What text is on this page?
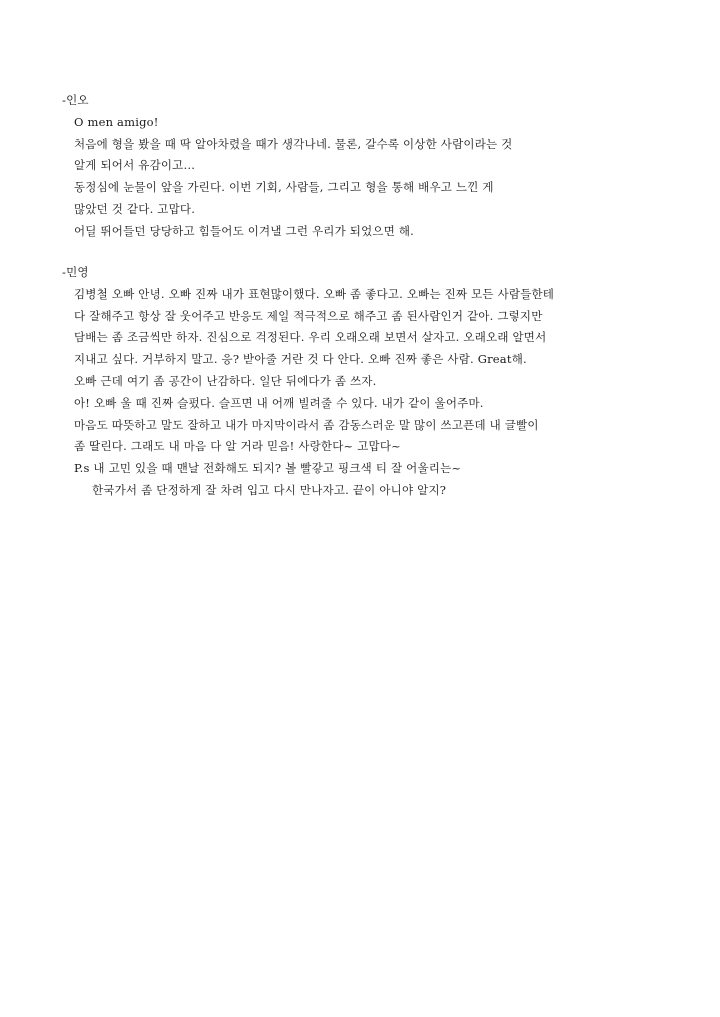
-인오
O men amigo!
처음에 형을 봤을 때 딱 알아차렸을 때가 생각나네. 물론, 갈수록 이상한 사람이라는 것
알게 되어서 유감이고…
동정심에 눈물이 앞을 가린다. 이번 기회, 사람들, 그리고 형을 통해 배우고 느낀 게
많았던 것 같다. 고맙다.
어딜 뛰어들던 당당하고 힘들어도 이겨낼 그런 우리가 되었으면 해.
-민영
김병철 오빠 안녕. 오빠 진짜 내가 표현많이했다. 오빠 좀 좋다고. 오빠는 진짜 모든 사람들한테
다 잘해주고 항상 잘 웃어주고 반응도 제일 적극적으로 해주고 좀 된사람인거 같아. 그렇지만
담배는 좀 조금씩만 하자. 진심으로 걱정된다. 우리 오래오래 보면서 살자고. 오래오래 알면서
지내고 싶다. 거부하지 말고. 응? 받아줄 거란 것 다 안다. 오빠 진짜 좋은 사람. Great해.
오빠 근데 여기 좀 공간이 난감하다. 일단 뒤에다가 좀 쓰자.
아! 오빠 울 때 진짜 슬펐다. 슬프면 내 어깨 빌려줄 수 있다. 내가 같이 울어주마.
마음도 따뜻하고 말도 잘하고 내가 마지막이라서 좀 감동스러운 말 많이 쓰고픈데 내 글빨이
좀 딸린다. 그래도 내 마음 다 알 거라 믿음! 사랑한다~ 고맙다~
P.s 내 고민 있을 때 맨날 전화해도 되지? 볼 빨갛고 핑크색 티 잘 어울리는~
한국가서 좀 단정하게 잘 차려 입고 다시 만나자고. 끝이 아니야 알지?
